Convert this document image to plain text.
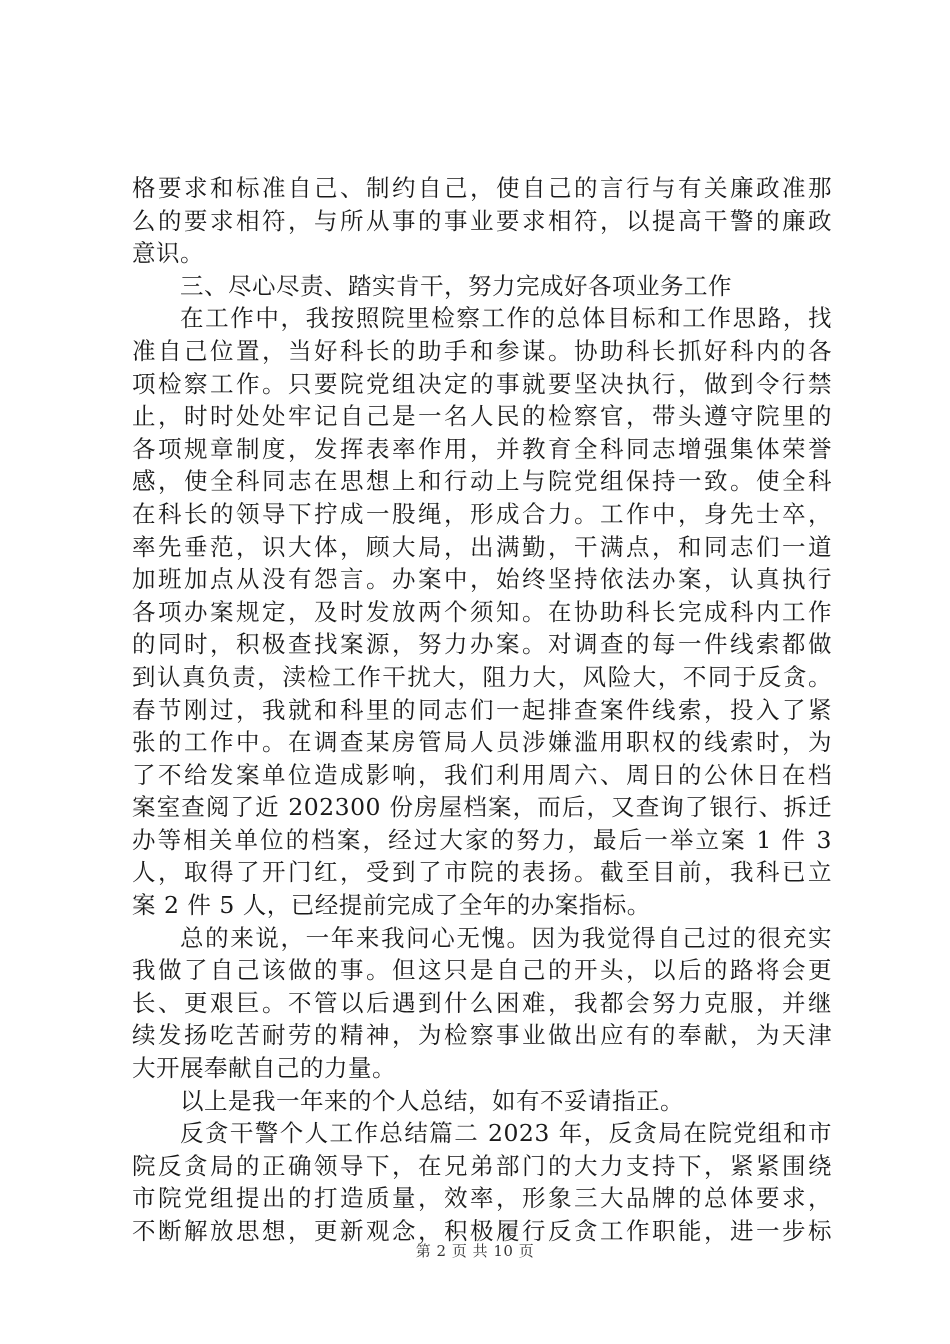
格要求和标准自己、制约自己，使自己的言行与有关廉政准那
么的要求相符，与所从事的事业要求相符，以提高干警的廉政
意识。
三、尽心尽责、踏实肯干，努力完成好各项业务工作
在工作中，我按照院里检察工作的总体目标和工作思路，找
准自己位置，当好科长的助手和参谋。协助科长抓好科内的各
项检察工作。只要院党组决定的事就要坚决执行，做到令行禁
止，时时处处牢记自己是一名人民的检察官，带头遵守院里的
各项规章制度，发挥表率作用，并教育全科同志增强集体荣誉
感，使全科同志在思想上和行动上与院党组保持一致。使全科
在科长的领导下拧成一股绳，形成合力。工作中，身先士卒，
率先垂范，识大体，顾大局，出满勤，干满点，和同志们一道
加班加点从没有怨言。办案中，始终坚持依法办案，认真执行
各项办案规定，及时发放两个须知。在协助科长完成科内工作
的同时，积极查找案源，努力办案。对调查的每一件线索都做
到认真负责，渎检工作干扰大，阻力大，风险大，不同于反贪。
春节刚过，我就和科里的同志们一起排查案件线索，投入了紧
张的工作中。在调查某房管局人员涉嫌滥用职权的线索时，为
了不给发案单位造成影响，我们利用周六、周日的公休日在档
案室查阅了近 202300 份房屋档案，而后，又查询了银行、拆迁
办等相关单位的档案，经过大家的努力，最后一举立案 1 件 3
人，取得了开门红，受到了市院的表扬。截至目前，我科已立
案 2 件 5 人，已经提前完成了全年的办案指标。
总的来说，一年来我问心无愧。因为我觉得自己过的很充实
我做了自己该做的事。但这只是自己的开头，以后的路将会更
长、更艰巨。不管以后遇到什么困难，我都会努力克服，并继
续发扬吃苦耐劳的精神，为检察事业做出应有的奉献，为天津
大开展奉献自己的力量。
以上是我一年来的个人总结，如有不妥请指正。
反贪干警个人工作总结篇二 2023 年，反贪局在院党组和市
院反贪局的正确领导下，在兄弟部门的大力支持下，紧紧围绕
市院党组提出的打造质量，效率，形象三大品牌的总体要求，
不断解放思想，更新观念，积极履行反贪工作职能，进一步标
第 2 页 共 10 页
